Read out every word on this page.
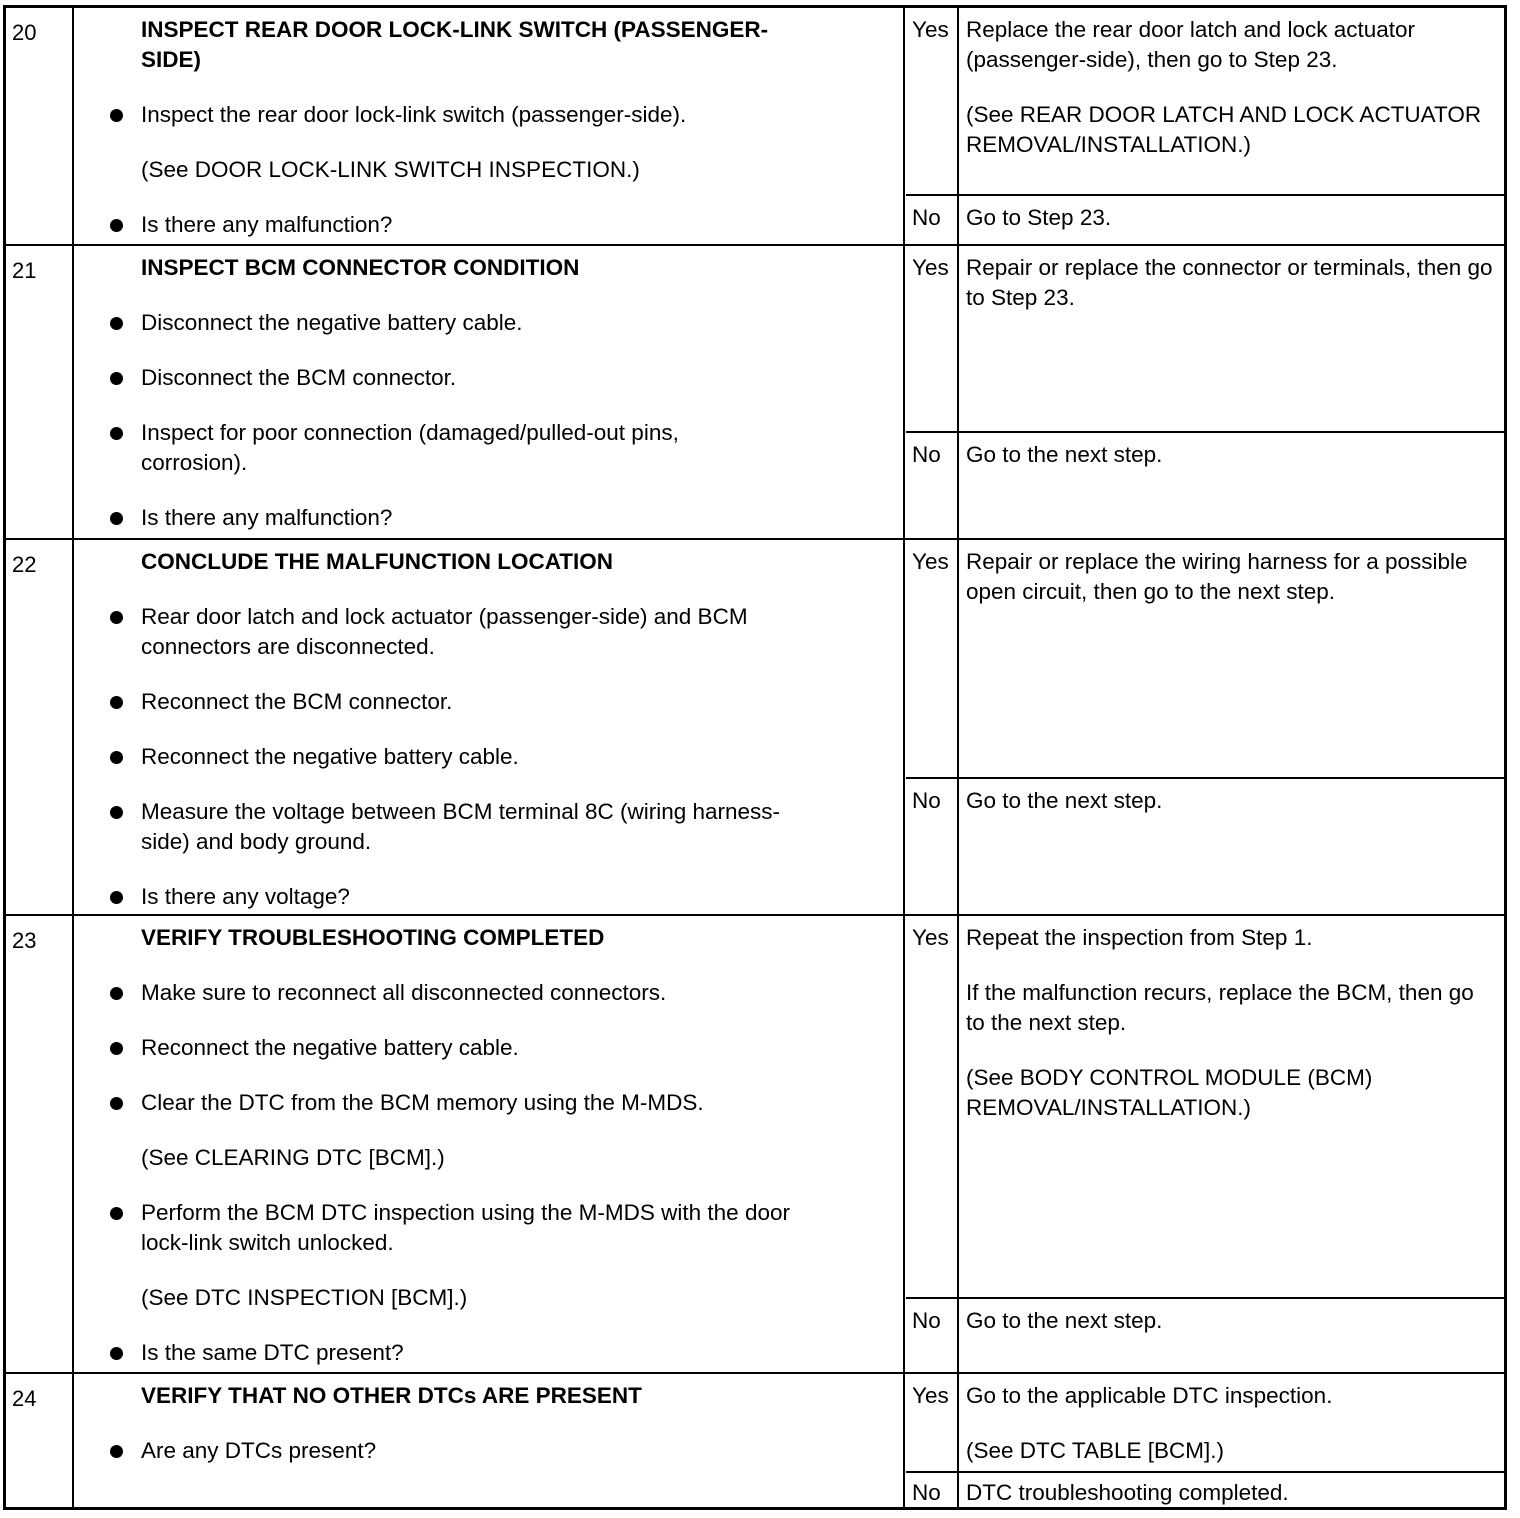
20	INSPECT REAR DOOR LOCK-LINK SWITCH (PASSENGER-SIDE)
Inspect the rear door lock-link switch (passenger-side).
(See DOOR LOCK-LINK SWITCH INSPECTION.)
Is there any malfunction?
Yes Replace the rear door latch and lock actuator (passenger-side), then go to Step 23.

(See REAR DOOR LATCH AND LOCK ACTUATOR REMOVAL/INSTALLATION.)

No Go to Step 23.

21	INSPECT BCM CONNECTOR CONDITION
Disconnect the negative battery cable.
Disconnect the BCM connector.
Inspect for poor connection (damaged/pulled-out pins, corrosion).
Is there any malfunction?
Yes Repair or replace the connector or terminals, then go to Step 23.

No Go to the next step.

22	CONCLUDE THE MALFUNCTION LOCATION
Rear door latch and lock actuator (passenger-side) and BCM connectors are disconnected.
Reconnect the BCM connector.
Reconnect the negative battery cable.
Measure the voltage between BCM terminal 8C (wiring harness-side) and body ground.
Is there any voltage?
Yes Repair or replace the wiring harness for a possible open circuit, then go to the next step.

No Go to the next step.

23	VERIFY TROUBLESHOOTING COMPLETED
Make sure to reconnect all disconnected connectors.
Reconnect the negative battery cable.
Clear the DTC from the BCM memory using the M-MDS.
(See CLEARING DTC [BCM].)
Perform the BCM DTC inspection using the M-MDS with the door lock-link switch unlocked.
(See DTC INSPECTION [BCM].)
Is the same DTC present?
Yes Repeat the inspection from Step 1.

If the malfunction recurs, replace the BCM, then go to the next step.

(See BODY CONTROL MODULE (BCM) REMOVAL/INSTALLATION.)

No Go to the next step.

24	VERIFY THAT NO OTHER DTCs ARE PRESENT
Are any DTCs present?
Yes Go to the applicable DTC inspection.

(See DTC TABLE [BCM].)

No DTC troubleshooting completed.
